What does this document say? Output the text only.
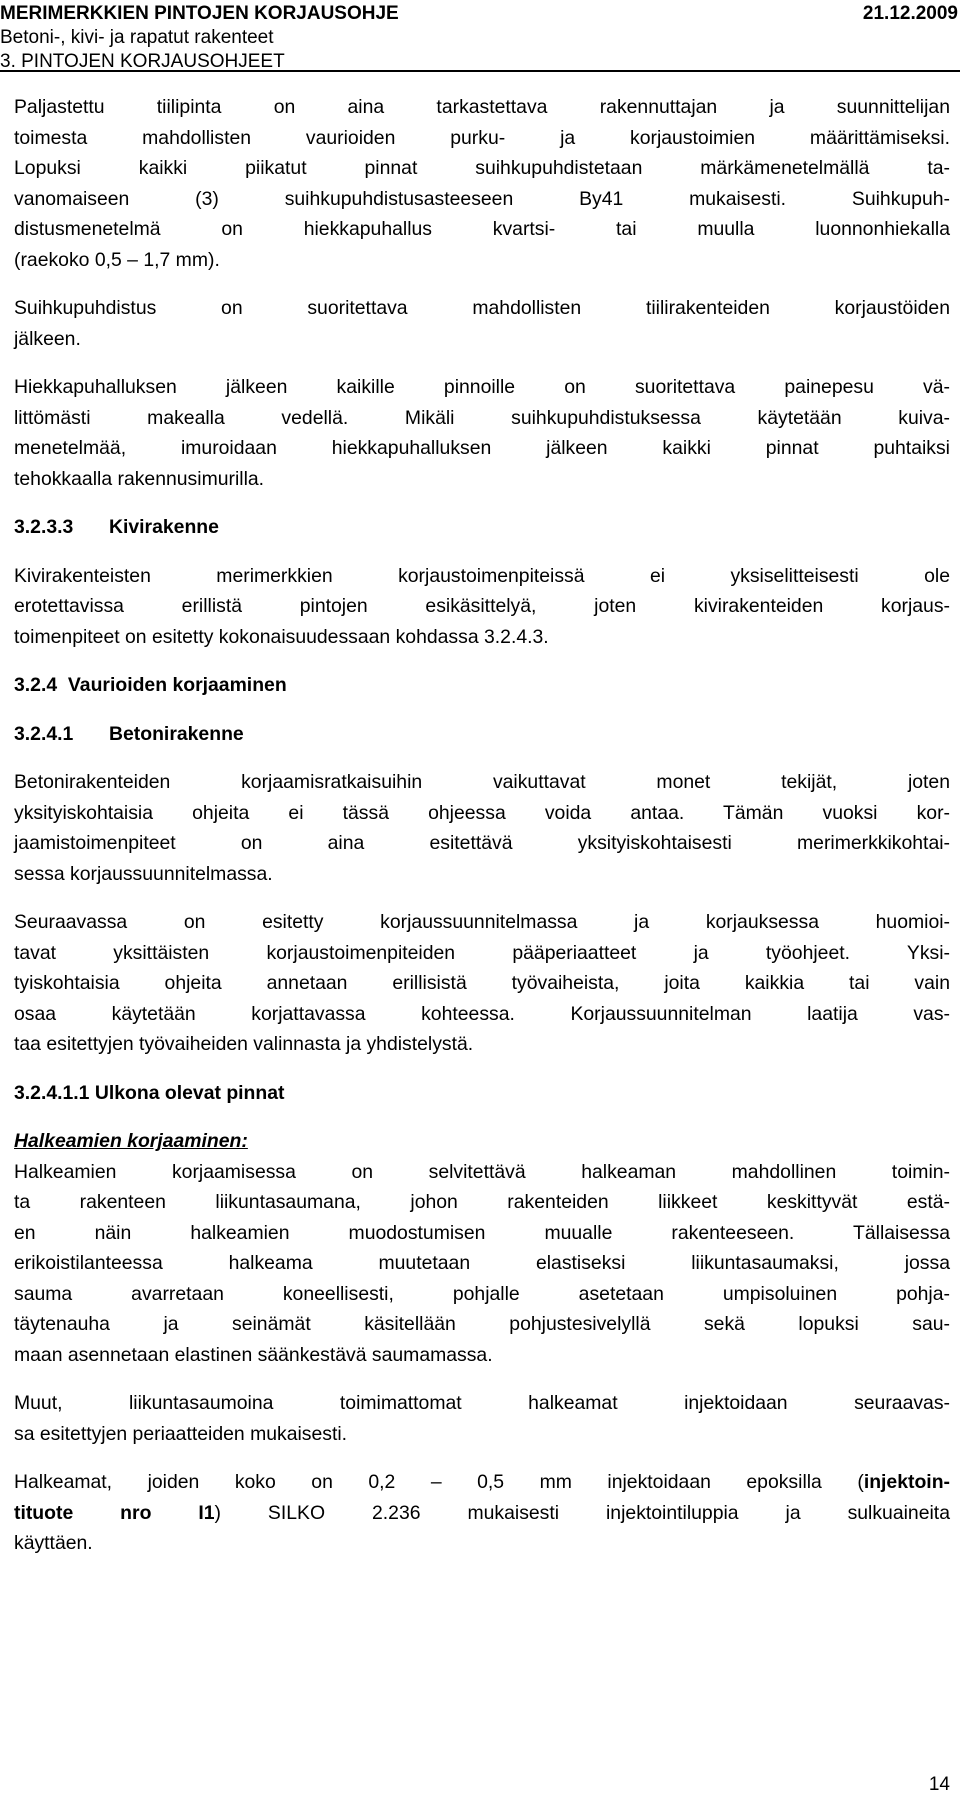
MERIMERKKIEN PINTOJEN KORJAUSOHJE	21.12.2009
Betoni-, kivi- ja rapatut rakenteet
3. PINTOJEN KORJAUSOHJEET
Paljastettu tiilipinta on aina tarkastettava rakennuttajan ja suunnittelijan
toimesta mahdollisten vaurioiden purku- ja korjaustoimien määrittämiseksi.
Lopuksi kaikki piikatut pinnat suihkupuhdistetaan märkämenetelmällä ta-
vanomaiseen (3) suihkupuhdistusasteeseen By41 mukaisesti. Suihkupuh-
distusmenetelmä on hiekkapuhallus kvartsi- tai muulla luonnonhiekalla
(raekoko 0,5 – 1,7 mm).
Suihkupuhdistus on suoritettava mahdollisten tiilirakenteiden korjaustöiden
jälkeen.
Hiekkapuhalluksen jälkeen kaikille pinnoille on suoritettava painepesu vä-
littömästi makealla vedellä. Mikäli suihkupuhdistuksessa käytetään kuiva-
menetelmää, imuroidaan hiekkapuhalluksen jälkeen kaikki pinnat puhtaiksi
tehokkaalla rakennusimurilla.
3.2.3.3 Kivirakenne
Kivirakenteisten merimerkkien korjaustoimenpiteissä ei yksiselitteisesti ole
erotettavissa erillistä pintojen esikäsittelyä, joten kivirakenteiden korjaus-
toimenpiteet on esitetty kokonaisuudessaan kohdassa 3.2.4.3.
3.2.4 Vaurioiden korjaaminen
3.2.4.1 Betonirakenne
Betonirakenteiden korjaamisratkaisuihin vaikuttavat monet tekijät, joten
yksityiskohtaisia ohjeita ei tässä ohjeessa voida antaa. Tämän vuoksi kor-
jaamistoimenpiteet on aina esitettävä yksityiskohtaisesti merimerkkikohtai-
sessa korjaussuunnitelmassa.
Seuraavassa on esitetty korjaussuunnitelmassa ja korjauksessa huomioi-
tavat yksittäisten korjaustoimenpiteiden pääperiaatteet ja työohjeet. Yksi-
tyiskohtaisia ohjeita annetaan erillisistä työvaiheista, joita kaikkia tai vain
osaa käytetään korjattavassa kohteessa. Korjaussuunnitelman laatija vas-
taa esitettyjen työvaiheiden valinnasta ja yhdistelystä.
3.2.4.1.1 Ulkona olevat pinnat
Halkeamien korjaaminen:
Halkeamien korjaamisessa on selvitettävä halkeaman mahdollinen toimin-
ta rakenteen liikuntasaumana, johon rakenteiden liikkeet keskittyvät estä-
en näin halkeamien muodostumisen muualle rakenteeseen. Tällaisessa
erikoistilanteessa halkeama muutetaan elastiseksi liikuntasaumaksi, jossa
sauma avarretaan koneellisesti, pohjalle asetetaan umpisoluinen pohja-
täytenauha ja seinämät käsitellään pohjustesivelyllä sekä lopuksi sau-
maan asennetaan elastinen säänkestävä saumamassa.
Muut, liikuntasaumoina toimimattomat halkeamat injektoidaan seuraavas-
sa esitettyjen periaatteiden mukaisesti.
Halkeamat, joiden koko on 0,2 – 0,5 mm injektoidaan epoksilla (injektoin-
tituote nro I1) SILKO 2.236 mukaisesti injektointiluppia ja sulkuaineita
käyttäen.
14
